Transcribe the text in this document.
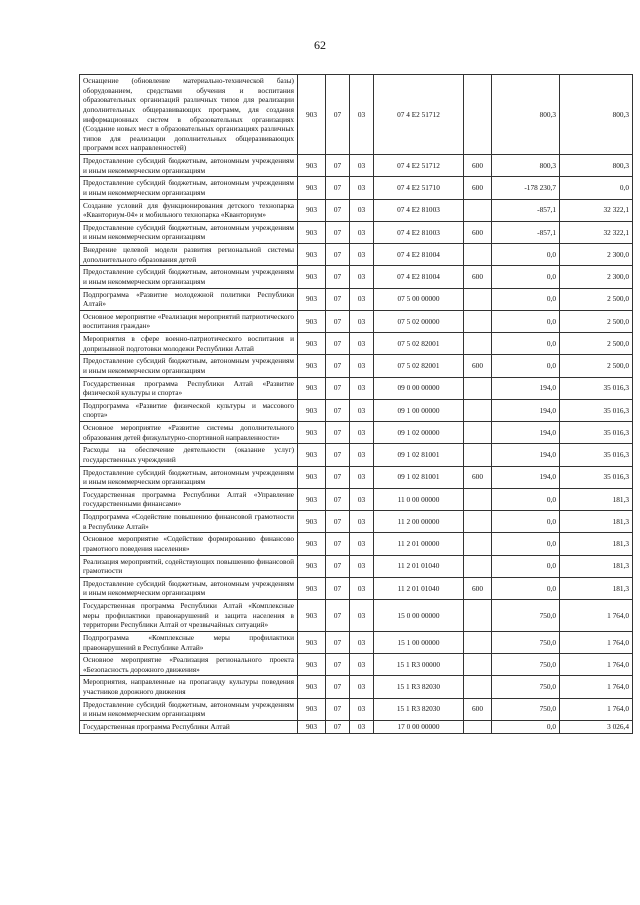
62
Оснащение (обновление материально-технической базы) оборудованием, средствами обучения и воспитания образовательных организаций различных типов для реализации дополнительных общеразвивающих программ, для создания информационных систем в образовательных организациях (Создание новых мест в образовательных организациях различных типов для реализации дополнительных общеразвивающих программ всех направленностей)	903	07	03	07 4 E2 51712		800,3	800,3
Предоставление субсидий бюджетным, автономным учреждениям и иным некоммерческим организациям	903	07	03	07 4 E2 51712	600	800,3	800,3
Предоставление субсидий бюджетным, автономным учреждениям и иным некоммерческим организациям	903	07	03	07 4 E2 51710	600	-178 230,7	0,0
Создание условий для функционирования детского технопарка «Кванториум-04» и мобильного технопарка «Кванториум»	903	07	03	07 4 E2 81003		-857,1	32 322,1
Предоставление субсидий бюджетным, автономным учреждениям и иным некоммерческим организациям	903	07	03	07 4 E2 81003	600	-857,1	32 322,1
Внедрение целевой модели развития региональной системы дополнительного образования детей	903	07	03	07 4 E2 81004		0,0	2 300,0
Предоставление субсидий бюджетным, автономным учреждениям и иным некоммерческим организациям	903	07	03	07 4 E2 81004	600	0,0	2 300,0
Подпрограмма «Развитие молодежной политики Республики Алтай»	903	07	03	07 5 00 00000		0,0	2 500,0
Основное мероприятие «Реализация мероприятий патриотического воспитания граждан»	903	07	03	07 5 02 00000		0,0	2 500,0
Мероприятия в сфере военно-патриотического воспитания и допризывной подготовки молодежи Республики Алтай	903	07	03	07 5 02 82001		0,0	2 500,0
Предоставление субсидий бюджетным, автономным учреждениям и иным некоммерческим организациям	903	07	03	07 5 02 82001	600	0,0	2 500,0
Государственная программа Республики Алтай «Развитие физической культуры и спорта»	903	07	03	09 0 00 00000		194,0	35 016,3
Подпрограмма «Развитие физической культуры и массового спорта»	903	07	03	09 1 00 00000		194,0	35 016,3
Основное мероприятие «Развитие системы дополнительного образования детей физкультурно-спортивной направленности»	903	07	03	09 1 02 00000		194,0	35 016,3
Расходы на обеспечение деятельности (оказание услуг) государственных учреждений	903	07	03	09 1 02 81001		194,0	35 016,3
Предоставление субсидий бюджетным, автономным учреждениям и иным некоммерческим организациям	903	07	03	09 1 02 81001	600	194,0	35 016,3
Государственная программа Республики Алтай «Управление государственными финансами»	903	07	03	11 0 00 00000		0,0	181,3
Подпрограмма «Содействие повышению финансовой грамотности в Республике Алтай»	903	07	03	11 2 00 00000		0,0	181,3
Основное мероприятие «Содействие формированию финансово грамотного поведения населения»	903	07	03	11 2 01 00000		0,0	181,3
Реализация мероприятий, содействующих повышению финансовой грамотности	903	07	03	11 2 01 01040		0,0	181,3
Предоставление субсидий бюджетным, автономным учреждениям и иным некоммерческим организациям	903	07	03	11 2 01 01040	600	0,0	181,3
Государственная программа Республики Алтай «Комплексные меры профилактики правонарушений и защита населения в территории Республики Алтай от чрезвычайных ситуаций»	903	07	03	15 0 00 00000		750,0	1 764,0
Подпрограмма «Комплексные меры профилактики правонарушений в Республике Алтай»	903	07	03	15 1 00 00000		750,0	1 764,0
Основное мероприятие «Реализация регионального проекта «Безопасность дорожного движения»	903	07	03	15 1 R3 00000		750,0	1 764,0
Мероприятия, направленные на пропаганду культуры поведения участников дорожного движения	903	07	03	15 1 R3 82030		750,0	1 764,0
Предоставление субсидий бюджетным, автономным учреждениям и иным некоммерческим организациям	903	07	03	15 1 R3 82030	600	750,0	1 764,0
Государственная программа Республики Алтай	903	07	03	17 0 00 00000		0,0	3 026,4
